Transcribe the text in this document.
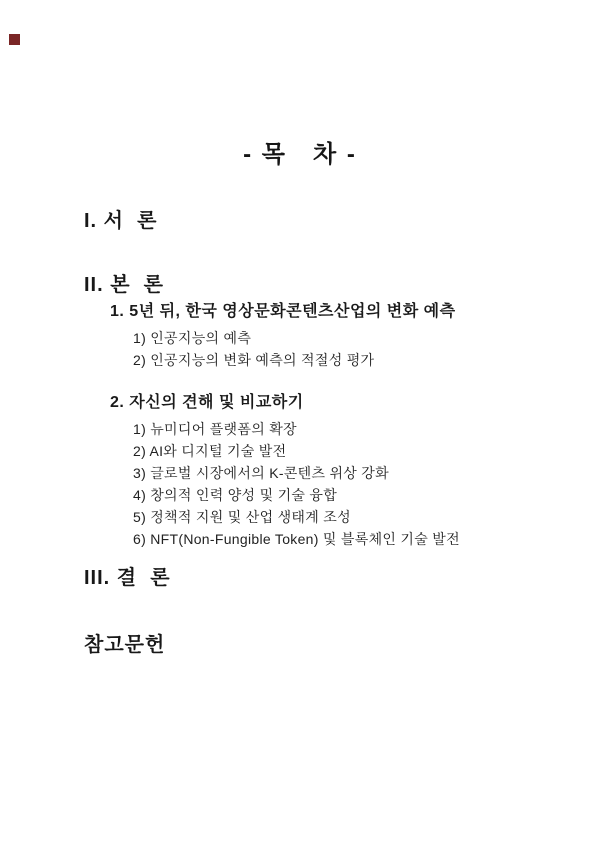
- 목   차 -
I. 서  론
II. 본  론
1. 5년 뒤, 한국 영상문화콘텐츠산업의 변화 예측
1) 인공지능의 예측
2) 인공지능의 변화 예측의 적절성 평가
2. 자신의 견해 및 비교하기
1) 뉴미디어 플랫폼의 확장
2) AI와 디지털 기술 발전
3) 글로벌 시장에서의 K-콘텐츠 위상 강화
4) 창의적 인력 양성 및 기술 융합
5) 정책적 지원 및 산업 생태계 조성
6) NFT(Non-Fungible Token) 및 블록체인 기술 발전
III. 결  론
참고문헌
